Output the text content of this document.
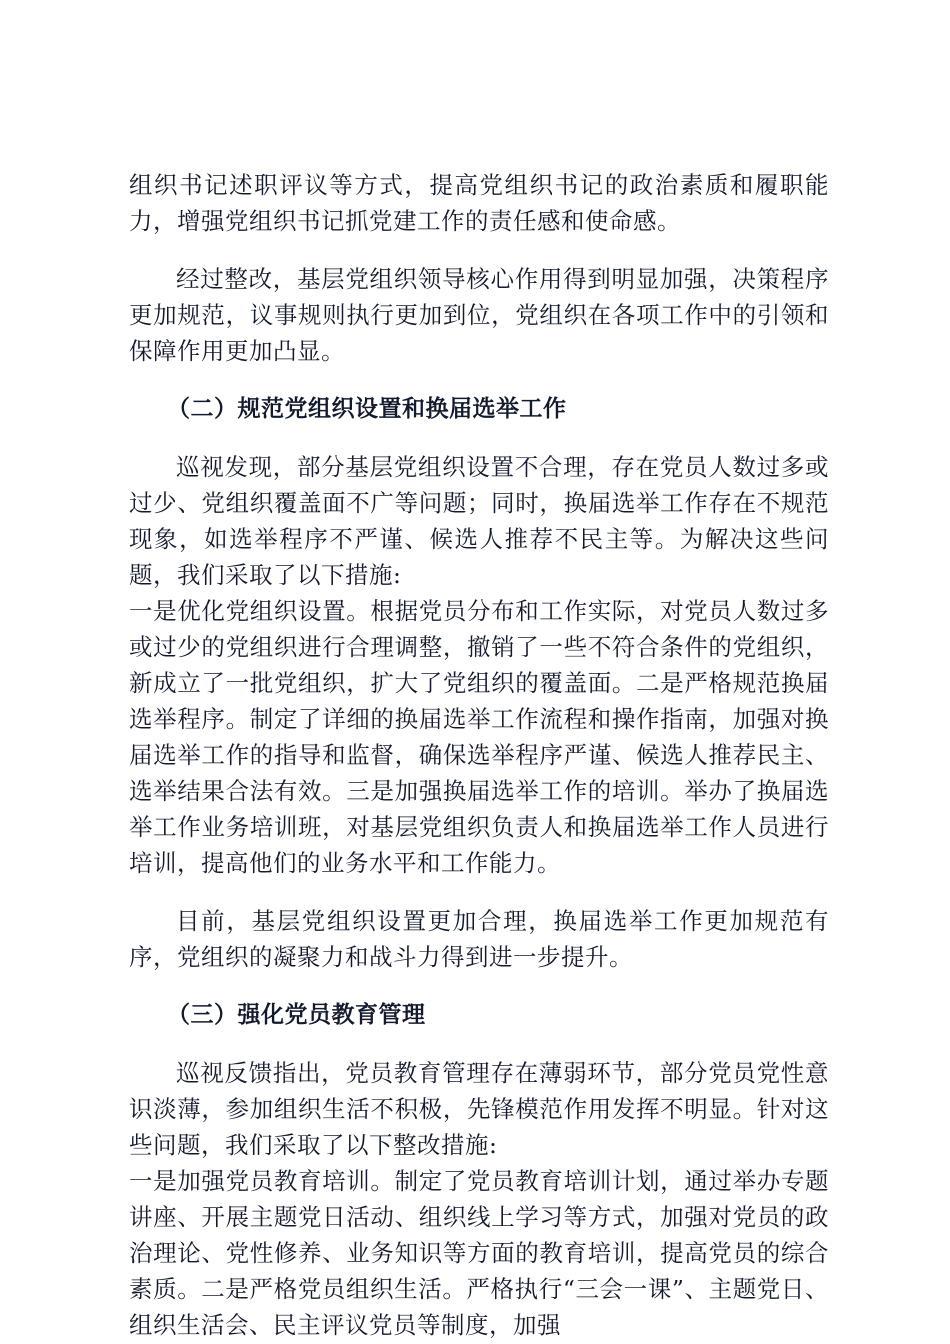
组织书记述职评议等方式，提高党组织书记的政治素质和履职能力，增强党组织书记抓党建工作的责任感和使命感。

经过整改，基层党组织领导核心作用得到明显加强，决策程序更加规范，议事规则执行更加到位，党组织在各项工作中的引领和保障作用更加凸显。

（二）规范党组织设置和换届选举工作

巡视发现，部分基层党组织设置不合理，存在党员人数过多或过少、党组织覆盖面不广等问题；同时，换届选举工作存在不规范现象，如选举程序不严谨、候选人推荐不民主等。为解决这些问题，我们采取了以下措施:

一是优化党组织设置。根据党员分布和工作实际，对党员人数过多或过少的党组织进行合理调整，撤销了一些不符合条件的党组织，新成立了一批党组织，扩大了党组织的覆盖面。二是严格规范换届选举程序。制定了详细的换届选举工作流程和操作指南，加强对换届选举工作的指导和监督，确保选举程序严谨、候选人推荐民主、选举结果合法有效。三是加强换届选举工作的培训。举办了换届选举工作业务培训班，对基层党组织负责人和换届选举工作人员进行培训，提高他们的业务水平和工作能力。

目前，基层党组织设置更加合理，换届选举工作更加规范有序，党组织的凝聚力和战斗力得到进一步提升。

（三）强化党员教育管理

巡视反馈指出，党员教育管理存在薄弱环节，部分党员党性意识淡薄，参加组织生活不积极，先锋模范作用发挥不明显。针对这些问题，我们采取了以下整改措施:

一是加强党员教育培训。制定了党员教育培训计划，通过举办专题讲座、开展主题党日活动、组织线上学习等方式，加强对党员的政治理论、党性修养、业务知识等方面的教育培训，提高党员的综合素质。二是严格党员组织生活。严格执行“三会一课”、主题党日、组织生活会、民主评议党员等制度，加强
